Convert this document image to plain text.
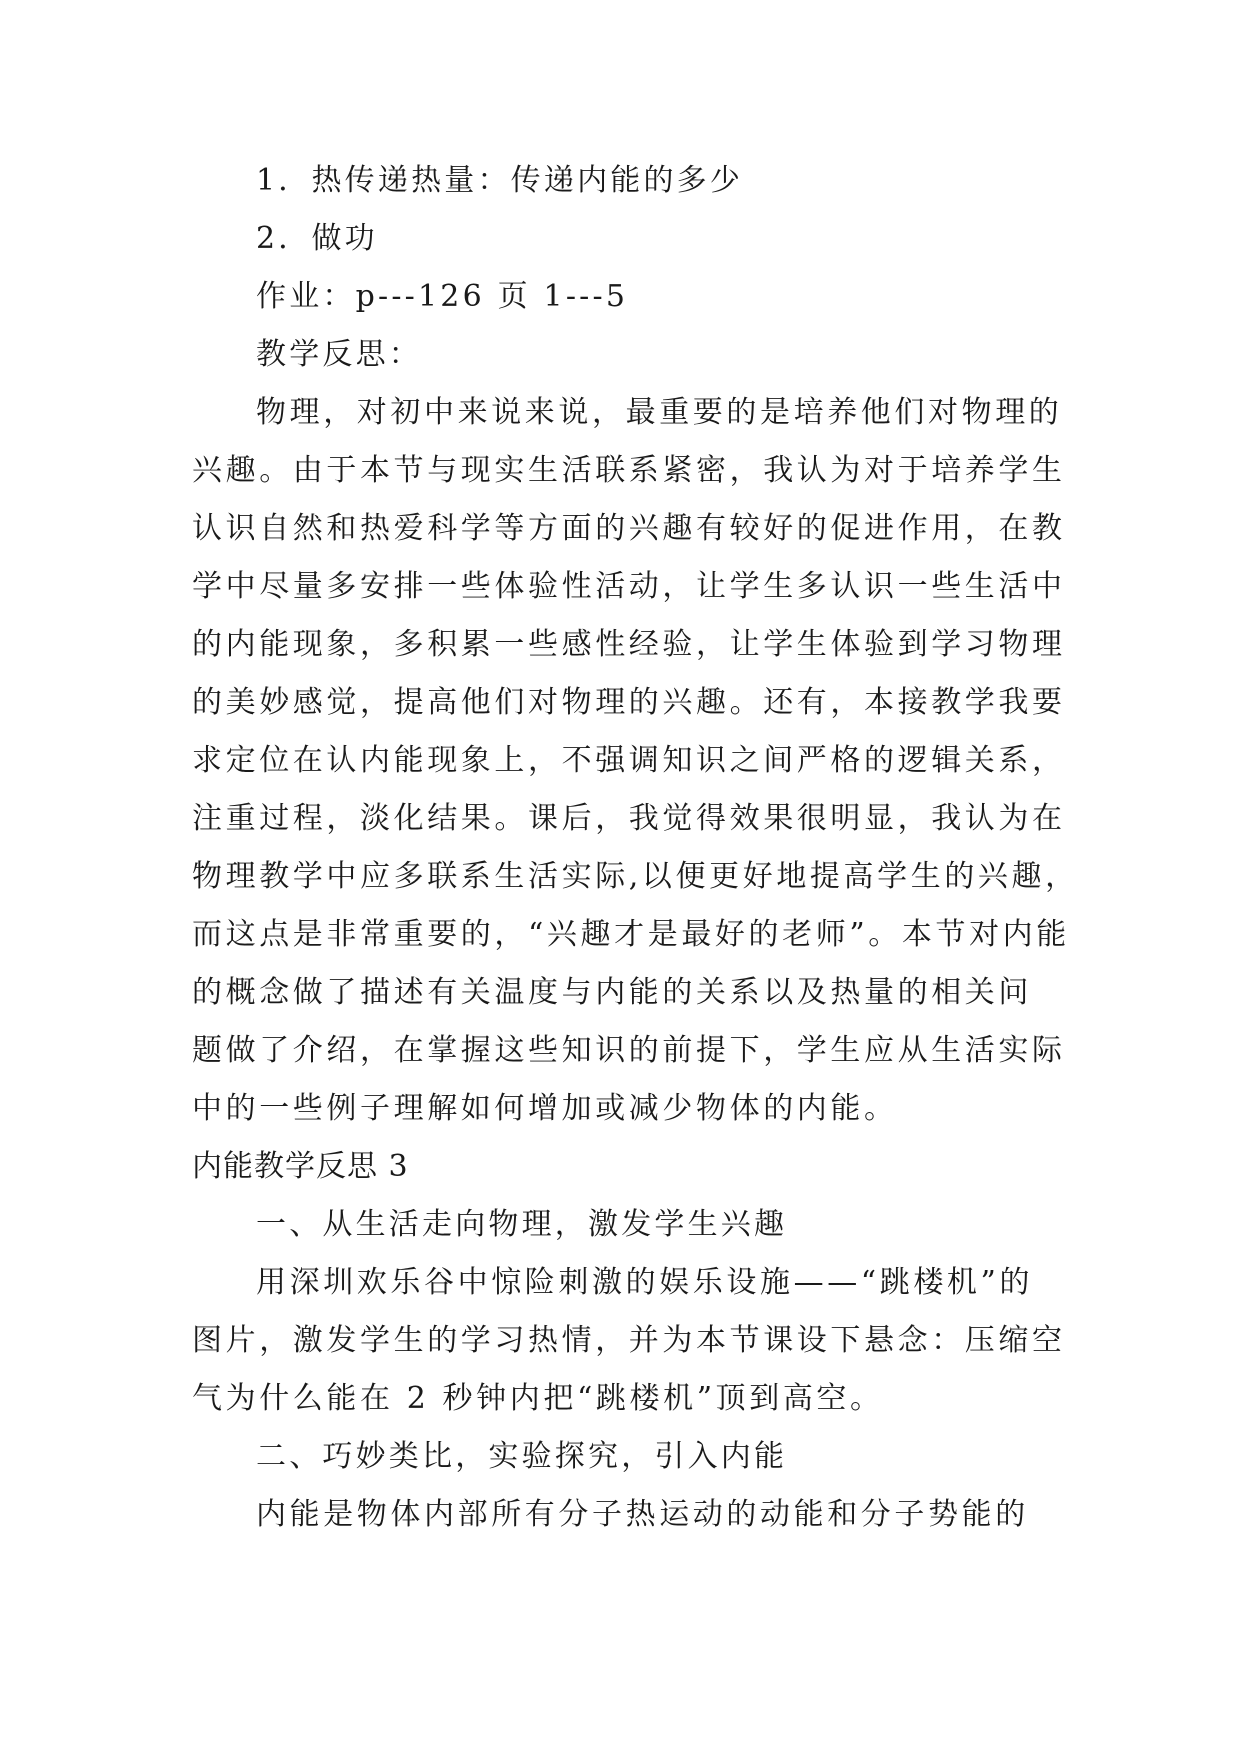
1．热传递热量：传递内能的多少
2．做功
作业：p---126 页 1---5
教学反思：
物理，对初中来说来说，最重要的是培养他们对物理的
兴趣。由于本节与现实生活联系紧密，我认为对于培养学生
认识自然和热爱科学等方面的兴趣有较好的促进作用，在教
学中尽量多安排一些体验性活动，让学生多认识一些生活中
的内能现象，多积累一些感性经验，让学生体验到学习物理
的美妙感觉，提高他们对物理的兴趣。还有，本接教学我要
求定位在认内能现象上，不强调知识之间严格的逻辑关系，
注重过程，淡化结果。课后，我觉得效果很明显，我认为在
物理教学中应多联系生活实际,以便更好地提高学生的兴趣，
而这点是非常重要的，“兴趣才是最好的老师”。本节对内能
的概念做了描述有关温度与内能的关系以及热量的相关问
题做了介绍，在掌握这些知识的前提下，学生应从生活实际
中的一些例子理解如何增加或减少物体的内能。
内能教学反思 3
一、从生活走向物理，激发学生兴趣
用深圳欢乐谷中惊险刺激的娱乐设施——“跳楼机”的
图片，激发学生的学习热情，并为本节课设下悬念：压缩空
气为什么能在 2 秒钟内把“跳楼机”顶到高空。
二、巧妙类比，实验探究，引入内能
内能是物体内部所有分子热运动的动能和分子势能的
